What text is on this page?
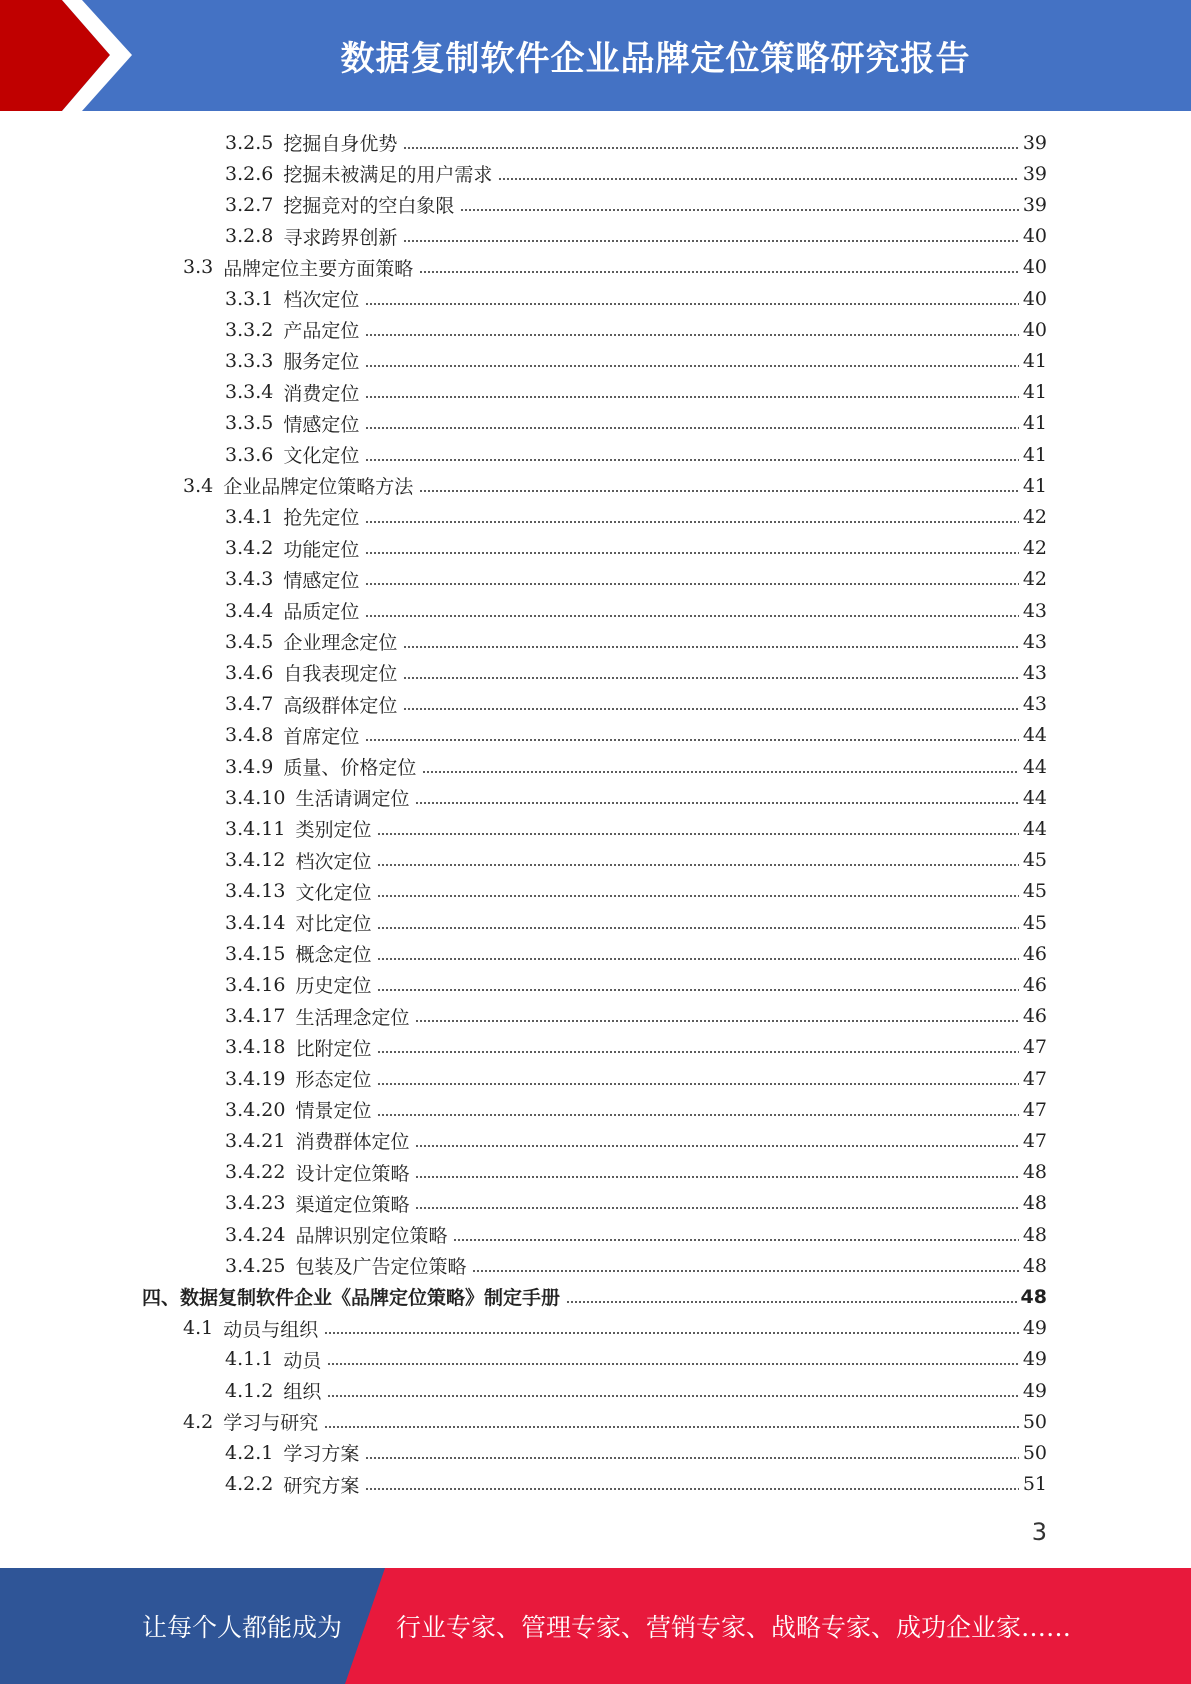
数据复制软件企业品牌定位策略研究报告
3.2.5 挖掘自身优势	39
3.2.6 挖掘未被满足的用户需求	39
3.2.7 挖掘竞对的空白象限	39
3.2.8 寻求跨界创新	40
3.3 品牌定位主要方面策略	40
3.3.1 档次定位	40
3.3.2 产品定位	40
3.3.3 服务定位	41
3.3.4 消费定位	41
3.3.5 情感定位	41
3.3.6 文化定位	41
3.4 企业品牌定位策略方法	41
3.4.1 抢先定位	42
3.4.2 功能定位	42
3.4.3 情感定位	42
3.4.4 品质定位	43
3.4.5 企业理念定位	43
3.4.6 自我表现定位	43
3.4.7 高级群体定位	43
3.4.8 首席定位	44
3.4.9 质量、价格定位	44
3.4.10 生活请调定位	44
3.4.11 类别定位	44
3.4.12 档次定位	45
3.4.13 文化定位	45
3.4.14 对比定位	45
3.4.15 概念定位	46
3.4.16 历史定位	46
3.4.17 生活理念定位	46
3.4.18 比附定位	47
3.4.19 形态定位	47
3.4.20 情景定位	47
3.4.21 消费群体定位	47
3.4.22 设计定位策略	48
3.4.23 渠道定位策略	48
3.4.24 品牌识别定位策略	48
3.4.25 包装及广告定位策略	48
四、数据复制软件企业《品牌定位策略》制定手册	48
4.1 动员与组织	49
4.1.1 动员	49
4.1.2 组织	49
4.2 学习与研究	50
4.2.1 学习方案	50
4.2.2 研究方案	51
3
让每个人都能成为 行业专家、管理专家、营销专家、战略专家、成功企业家……
